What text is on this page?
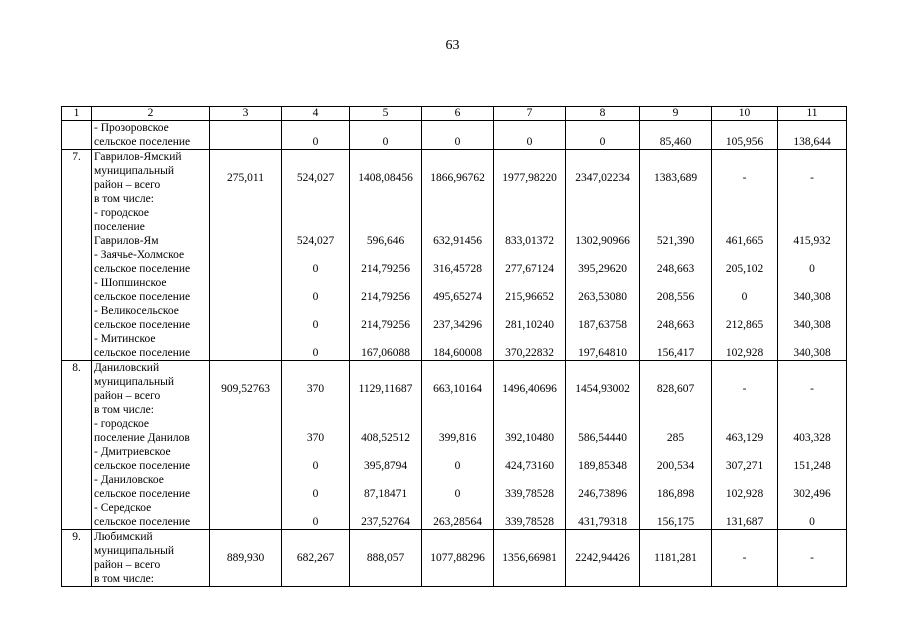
63
1	2	3	4	5	6	7	8	9	10	11

	- Прозоровское
сельское поселение		0	0	0	0	0	85,460	105,956	138,644
7.	Гаврилов-Ямский
муниципальный
район – всего
в том числе:	275,011	524,027	1408,08456	1866,96762	1977,98220	2347,02234	1383,689	-	-

	- городское
поселение
Гаврилов-Ям		524,027	596,646	632,91456	833,01372	1302,90966	521,390	461,665	415,932

	- Заячье-Холмское
сельское поселение		0	214,79256	316,45728	277,67124	395,29620	248,663	205,102	0

	- Шопшинское
сельское поселение		0	214,79256	495,65274	215,96652	263,53080	208,556	0	340,308

	- Великосельское
сельское поселение		0	214,79256	237,34296	281,10240	187,63758	248,663	212,865	340,308

	- Митинское
сельское поселение		0	167,06088	184,60008	370,22832	197,64810	156,417	102,928	340,308
8.	Даниловский
муниципальный
район – всего
в том числе:	909,52763	370	1129,11687	663,10164	1496,40696	1454,93002	828,607	-	-

	- городское
поселение Данилов		370	408,52512	399,816	392,10480	586,54440	285	463,129	403,328

	- Дмитриевское
сельское поселение		0	395,8794	0	424,73160	189,85348	200,534	307,271	151,248

	- Даниловское
сельское поселение		0	87,18471	0	339,78528	246,73896	186,898	102,928	302,496

	- Середское
сельское поселение		0	237,52764	263,28564	339,78528	431,79318	156,175	131,687	0
9.	Любимский
муниципальный
район – всего
в том числе:	889,930	682,267	888,057	1077,88296	1356,66981	2242,94426	1181,281	-	-
